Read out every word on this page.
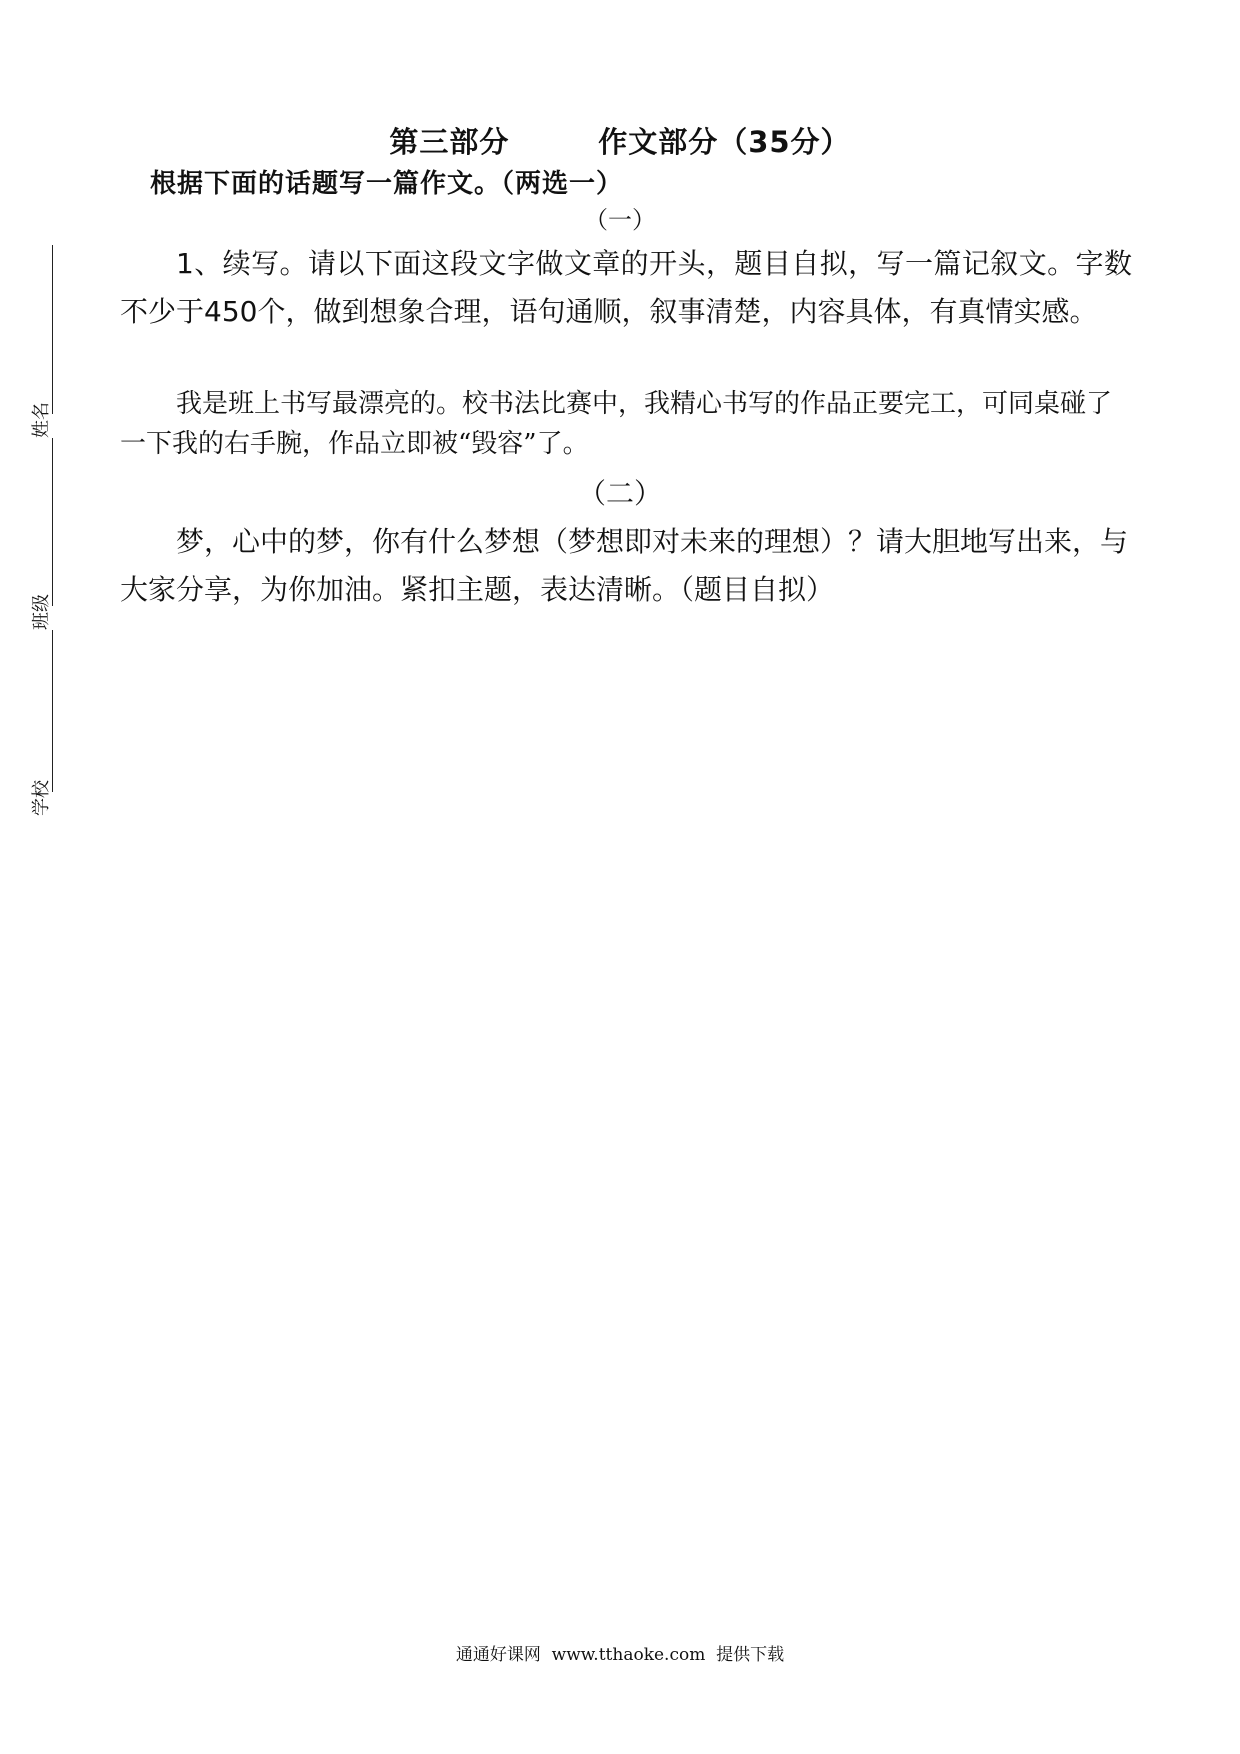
第三部分        作文部分（35分）
根据下面的话题写一篇作文。（两选一）
（一）
1、续写。请以下面这段文字做文章的开头，题目自拟，写一篇记叙文。字数不少于450个，做到想象合理，语句通顺，叙事清楚，内容具体，有真情实感。
我是班上书写最漂亮的。校书法比赛中，我精心书写的作品正要完工，可同桌碰了一下我的右手腕，作品立即被“毁容”了。
（二）
梦，心中的梦，你有什么梦想（梦想即对未来的理想）？请大胆地写出来，与大家分享，为你加油。紧扣主题，表达清晰。（题目自拟）
姓名
班级
学校
通通好课网  www.tthaoke.com  提供下载
